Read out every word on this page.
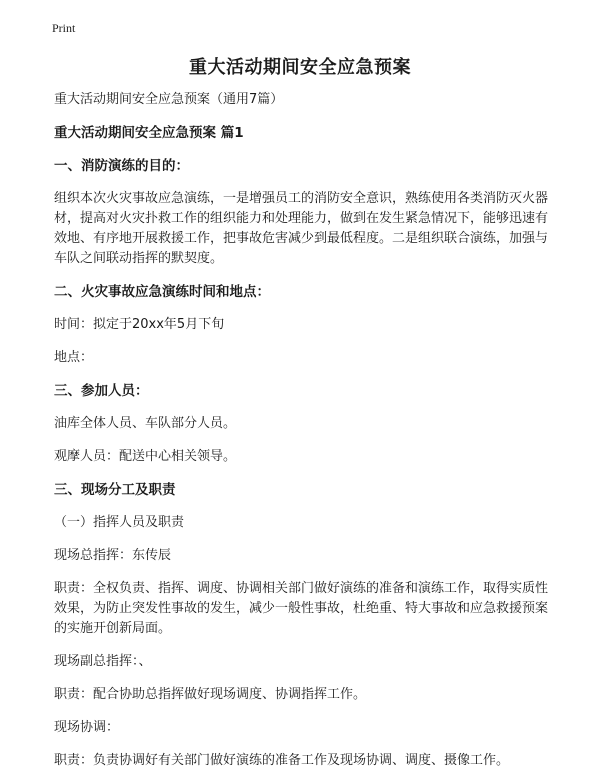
Print
重大活动期间安全应急预案

重大活动期间安全应急预案（通用7篇）

重大活动期间安全应急预案 篇1

一、消防演练的目的：

组织本次火灾事故应急演练，一是增强员工的消防安全意识，熟练使用各类消防灭火器材，提高对火灾扑救工作的组织能力和处理能力，做到在发生紧急情况下，能够迅速有效地、有序地开展救援工作，把事故危害减少到最低程度。二是组织联合演练，加强与车队之间联动指挥的默契度。

二、火灾事故应急演练时间和地点：

时间：拟定于20xx年5月下旬

地点：

三、参加人员：

油库全体人员、车队部分人员。

观摩人员：配送中心相关领导。

三、现场分工及职责

（一）指挥人员及职责

现场总指挥：东传辰

职责：全权负责、指挥、调度、协调相关部门做好演练的准备和演练工作，取得实质性效果，为防止突发性事故的发生，减少一般性事故，杜绝重、特大事故和应急救援预案的实施开创新局面。

现场副总指挥：、

职责：配合协助总指挥做好现场调度、协调指挥工作。

现场协调：

职责：负责协调好有关部门做好演练的准备工作及现场协调、调度、摄像工作。
